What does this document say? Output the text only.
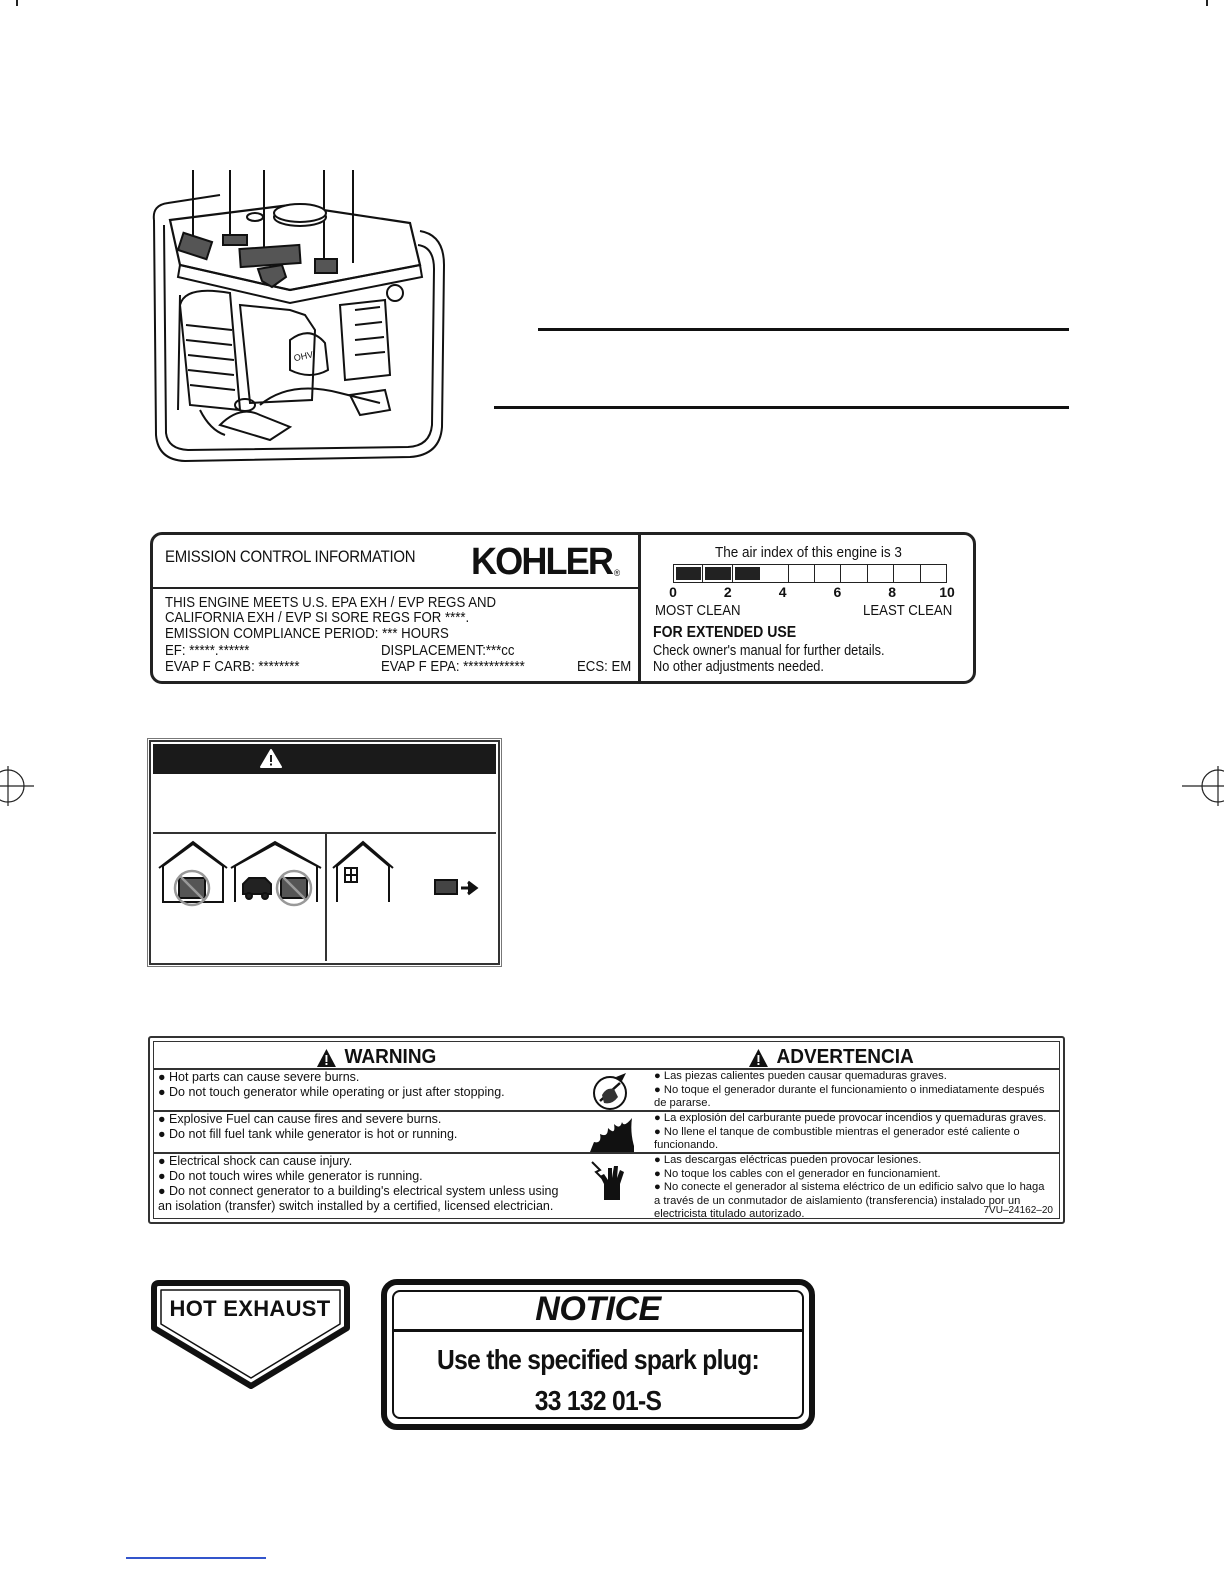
OHV
EMISSION CONTROL INFORMATION KOHLER ®
THIS ENGINE MEETS U.S. EPA EXH / EVP REGS AND
CALIFORNIA EXH / EVP SI SORE REGS FOR ****.
EMISSION COMPLIANCE PERIOD: *** HOURS
EF: *****.******	DISPLACEMENT:***cc
EVAP F CARB: ********	EVAP F EPA: ************	ECS: EM
The air index of this engine is 3
0	2	4	6	8	10
MOST CLEAN	LEAST CLEAN
FOR EXTENDED USE
Check owner's manual for further details.
No other adjustments needed.
WARNING	ADVERTENCIA
● Hot parts can cause severe burns.
● Do not touch generator while operating or just after stopping.
● Las piezas calientes pueden causar quemaduras graves.
● No toque el generador durante el funcionamiento o inmediatamente después
de pararse.
● Explosive Fuel can cause fires and severe burns.
● Do not fill fuel tank while generator is hot or running.
● La explosión del carburante puede provocar incendios y quemaduras graves.
● No llene el tanque de combustible mientras el generador esté caliente o
funcionando.
● Electrical shock can cause injury.
● Do not touch wires while generator is running.
● Do not connect generator to a building's electrical system unless using
an isolation (transfer) switch installed by a certified, licensed electrician.
● Las descargas eléctricas pueden provocar lesiones.
● No toque los cables con el generador en funcionamient.
● No conecte el generador al sistema eléctrico de un edificio salvo que lo haga
a través de un conmutador de aislamiento (transferencia) instalado por un
electricista titulado autorizado.	7VU–24162–20
HOT EXHAUST	NOTICE
Use the specified spark plug:
33 132 01-S
